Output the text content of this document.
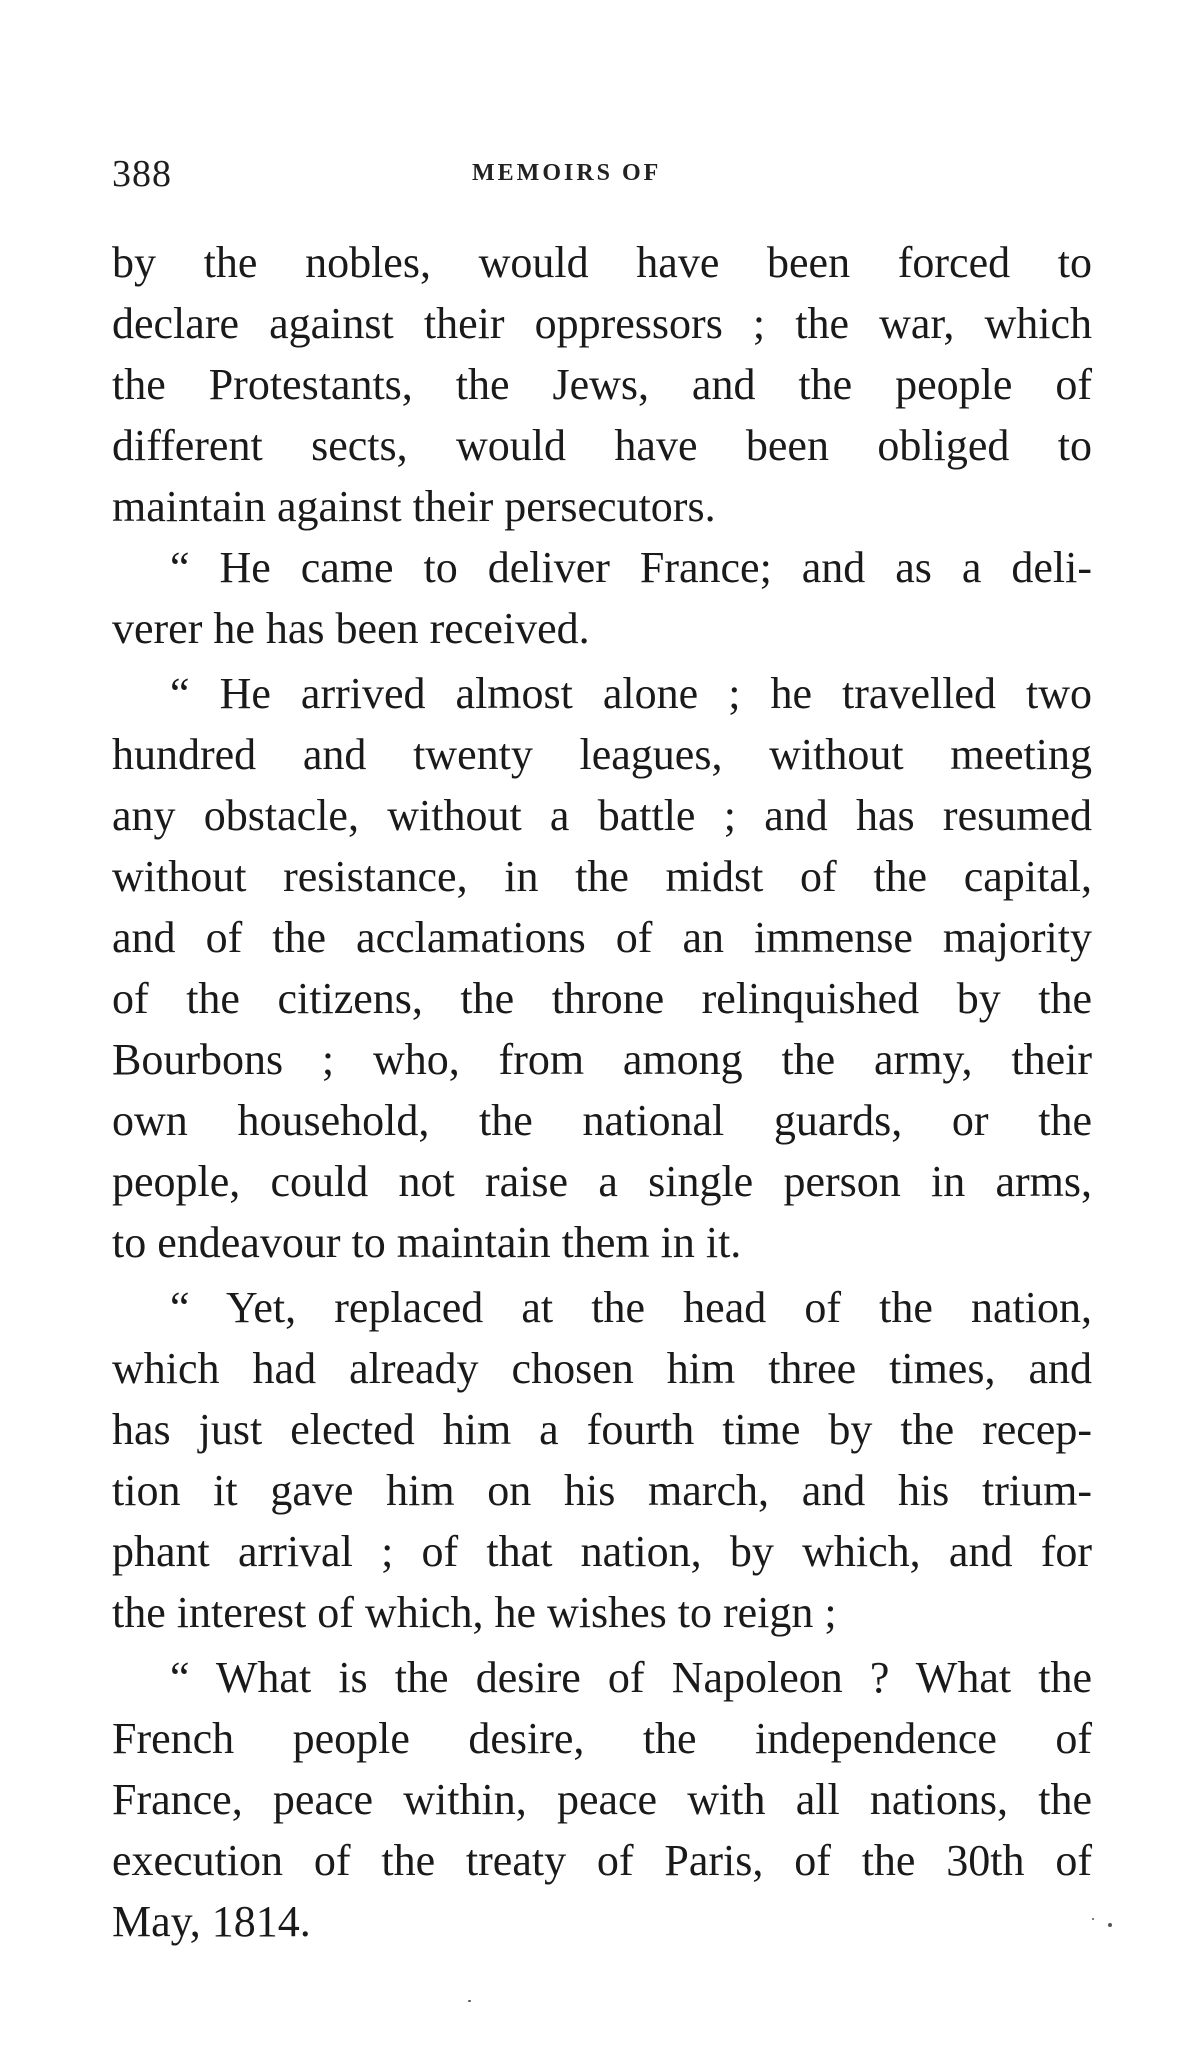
388	MEMOIRS OF
by the nobles, would have been forced to
declare against their oppressors ; the war, which
the Protestants, the Jews, and the people of
different sects, would have been obliged to
maintain against their persecutors.
“ He came to deliver France; and as a deli-
verer he has been received.
“ He arrived almost alone ; he travelled two
hundred and twenty leagues, without meeting
any obstacle, without a battle ; and has resumed
without resistance, in the midst of the capital,
and of the acclamations of an immense majority
of the citizens, the throne relinquished by the
Bourbons ; who, from among the army, their
own household, the national guards, or the
people, could not raise a single person in arms,
to endeavour to maintain them in it.
“ Yet, replaced at the head of the nation,
which had already chosen him three times, and
has just elected him a fourth time by the recep-
tion it gave him on his march, and his trium-
phant arrival ; of that nation, by which, and for
the interest of which, he wishes to reign ;
“ What is the desire of Napoleon ? What the
French people desire, the independence of
France, peace within, peace with all nations, the
execution of the treaty of Paris, of the 30th of
May, 1814.
